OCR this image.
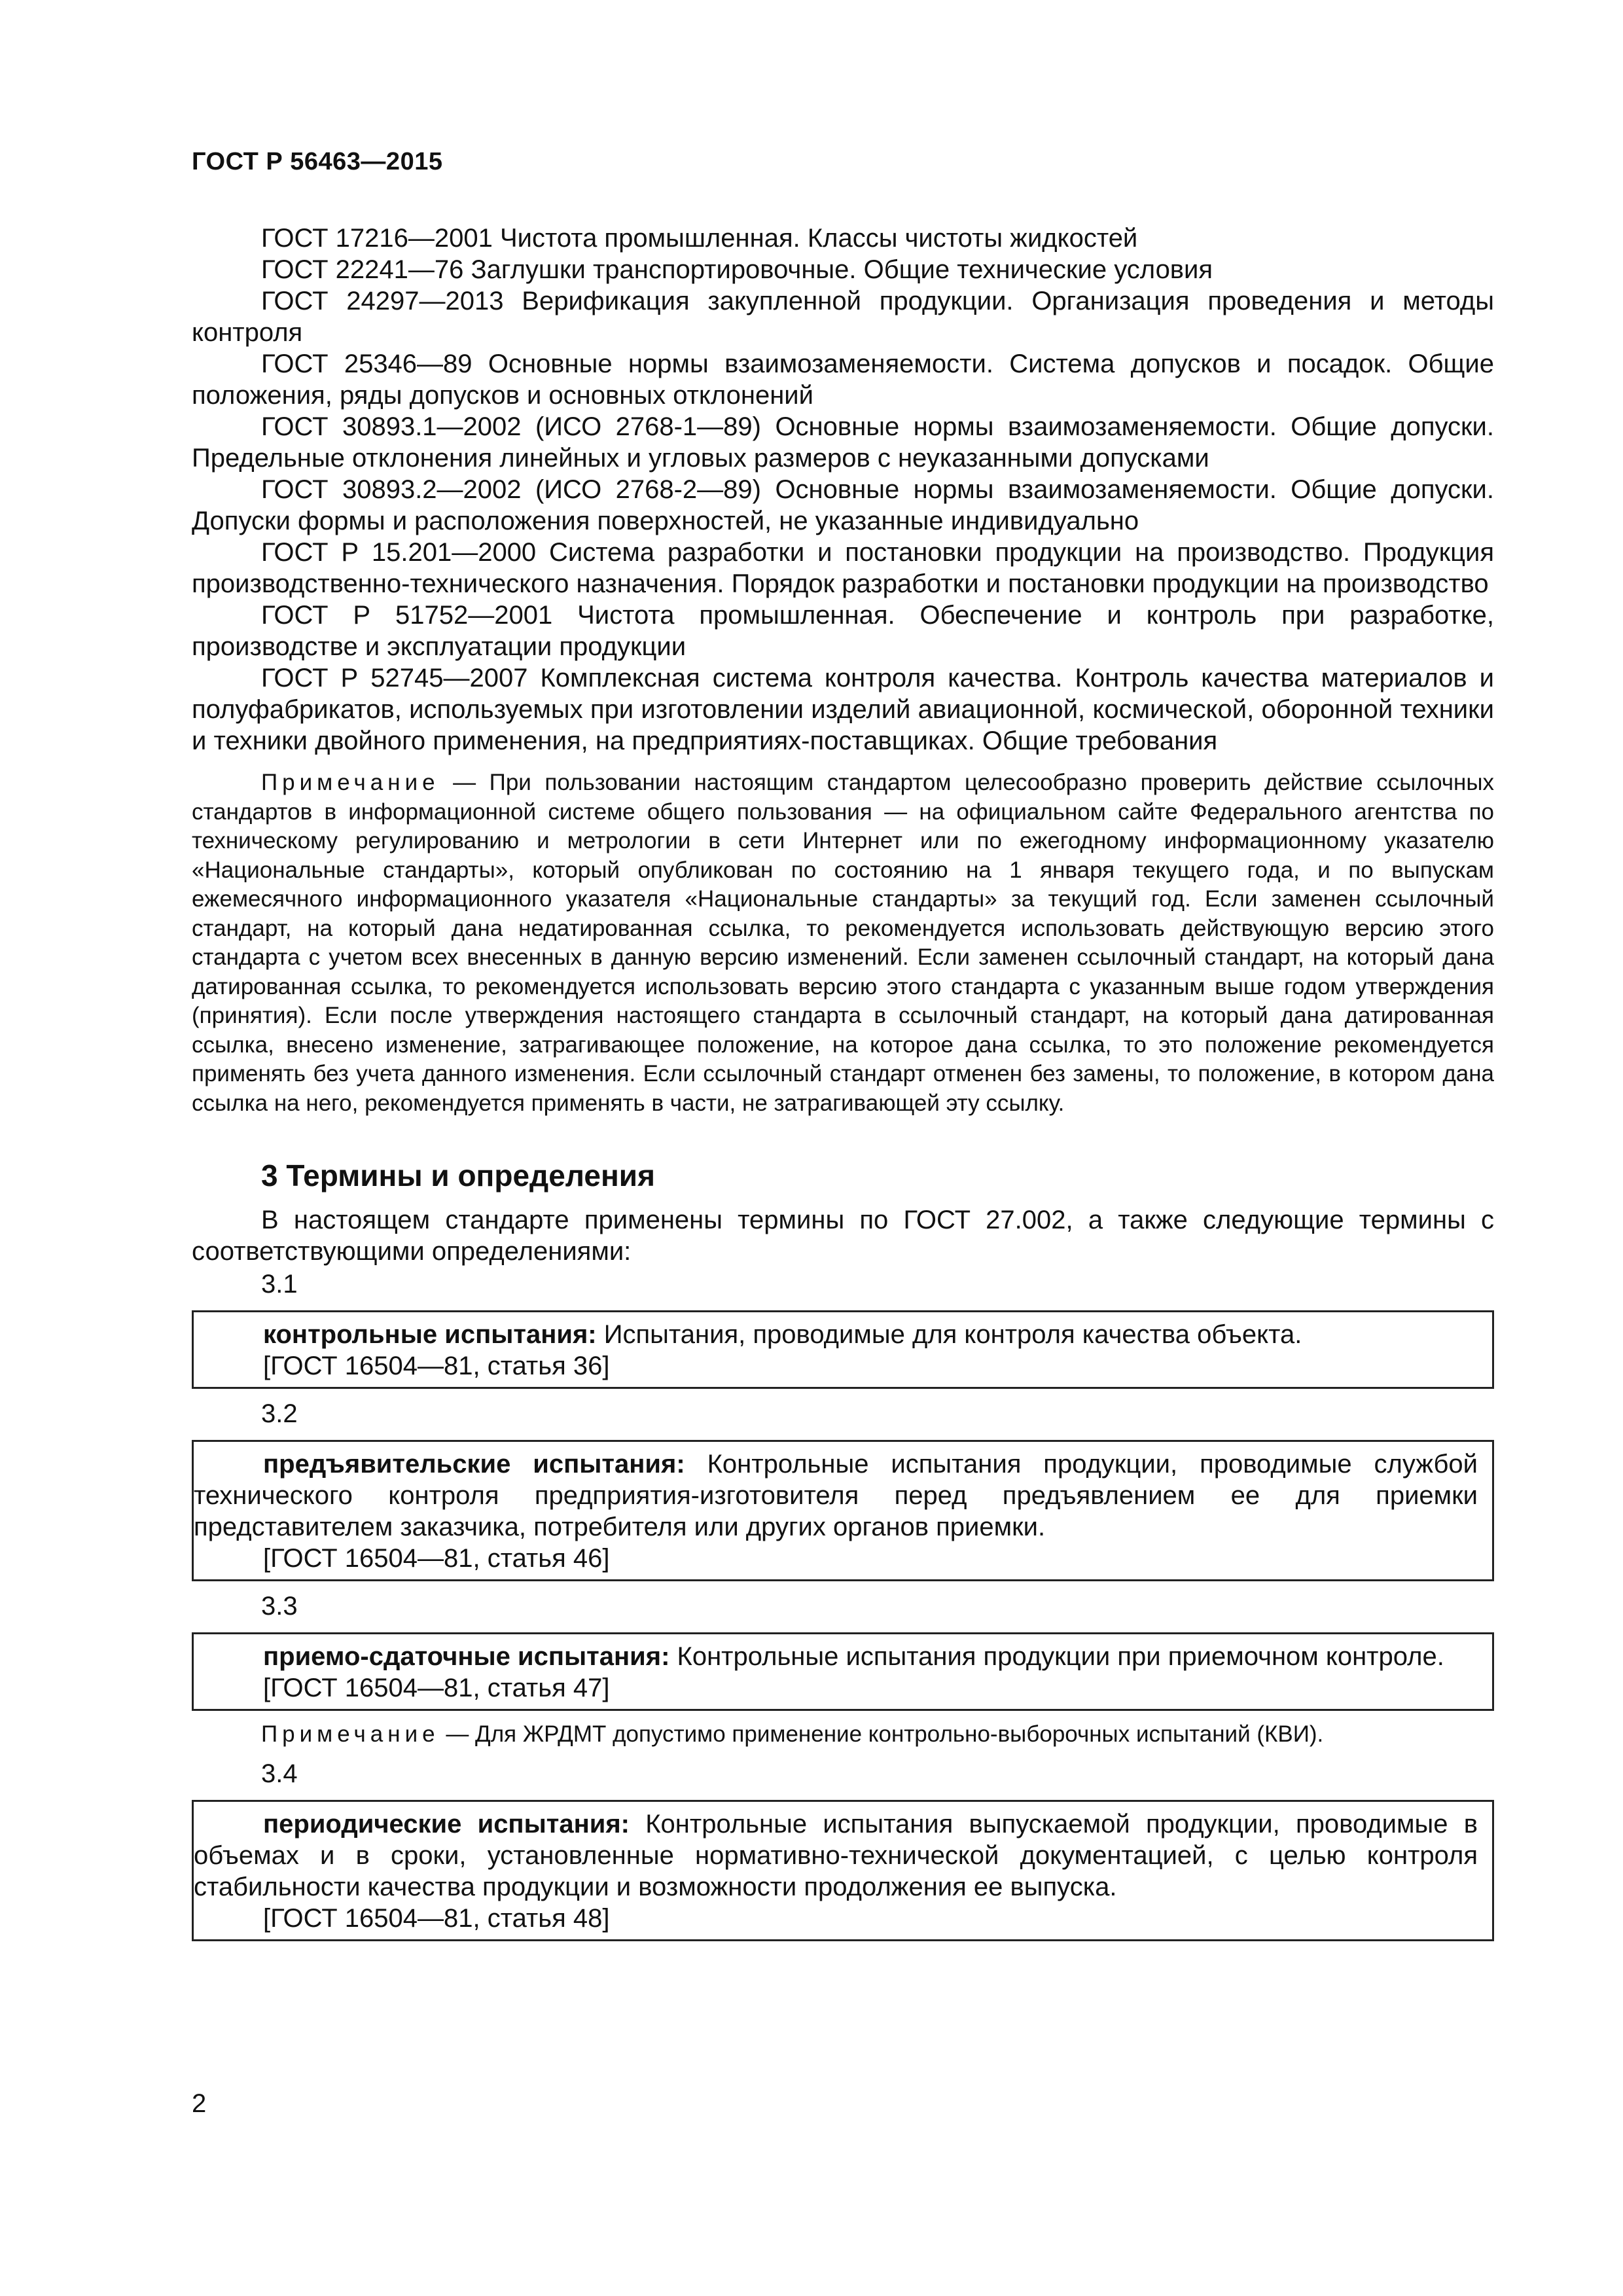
ГОСТ Р 56463—2015

ГОСТ 17216—2001 Чистота промышленная. Классы чистоты жидкостей

ГОСТ 22241—76 Заглушки транспортировочные. Общие технические условия

ГОСТ 24297—2013 Верификация закупленной продукции. Организация проведения и методы контроля

ГОСТ 25346—89 Основные нормы взаимозаменяемости. Система допусков и посадок. Общие положения, ряды допусков и основных отклонений

ГОСТ 30893.1—2002 (ИСО 2768-1—89) Основные нормы взаимозаменяемости. Общие допуски. Предельные отклонения линейных и угловых размеров с неуказанными допусками

ГОСТ 30893.2—2002 (ИСО 2768-2—89) Основные нормы взаимозаменяемости. Общие допуски. Допуски формы и расположения поверхностей, не указанные индивидуально

ГОСТ Р 15.201—2000 Система разработки и постановки продукции на производство. Продукция производственно-технического назначения. Порядок разработки и постановки продукции на производство

ГОСТ Р 51752—2001 Чистота промышленная. Обеспечение и контроль при разработке, производстве и эксплуатации продукции

ГОСТ Р 52745—2007 Комплексная система контроля качества. Контроль качества материалов и полуфабрикатов, используемых при изготовлении изделий авиационной, космической, оборонной техники и техники двойного применения, на предприятиях-поставщиках. Общие требования

Примечание — При пользовании настоящим стандартом целесообразно проверить действие ссылочных стандартов в информационной системе общего пользования — на официальном сайте Федерального агентства по техническому регулированию и метрологии в сети Интернет или по ежегодному информационному указателю «Национальные стандарты», который опубликован по состоянию на 1 января текущего года, и по выпускам ежемесячного информационного указателя «Национальные стандарты» за текущий год. Если заменен ссылочный стандарт, на который дана недатированная ссылка, то рекомендуется использовать действующую версию этого стандарта с учетом всех внесенных в данную версию изменений. Если заменен ссылочный стандарт, на который дана датированная ссылка, то рекомендуется использовать версию этого стандарта с указанным выше годом утверждения (принятия). Если после утверждения настоящего стандарта в ссылочный стандарт, на который дана датированная ссылка, внесено изменение, затрагивающее положение, на которое дана ссылка, то это положение рекомендуется применять без учета данного изменения. Если ссылочный стандарт отменен без замены, то положение, в котором дана ссылка на него, рекомендуется применять в части, не затрагивающей эту ссылку.

3 Термины и определения

В настоящем стандарте применены термины по ГОСТ 27.002, а также следующие термины с соответствующими определениями:

3.1

контрольные испытания: Испытания, проводимые для контроля качества объекта.

[ГОСТ 16504—81, статья 36]

3.2

предъявительские испытания: Контрольные испытания продукции, проводимые службой технического контроля предприятия-изготовителя перед предъявлением ее для приемки представителем заказчика, потребителя или других органов приемки.

[ГОСТ 16504—81, статья 46]

3.3

приемо-сдаточные испытания: Контрольные испытания продукции при приемочном контроле.

[ГОСТ 16504—81, статья 47]

Примечание — Для ЖРДМТ допустимо применение контрольно-выборочных испытаний (КВИ).

3.4

периодические испытания: Контрольные испытания выпускаемой продукции, проводимые в объемах и в сроки, установленные нормативно-технической документацией, с целью контроля стабильности качества продукции и возможности продолжения ее выпуска.

[ГОСТ 16504—81, статья 48]

2
